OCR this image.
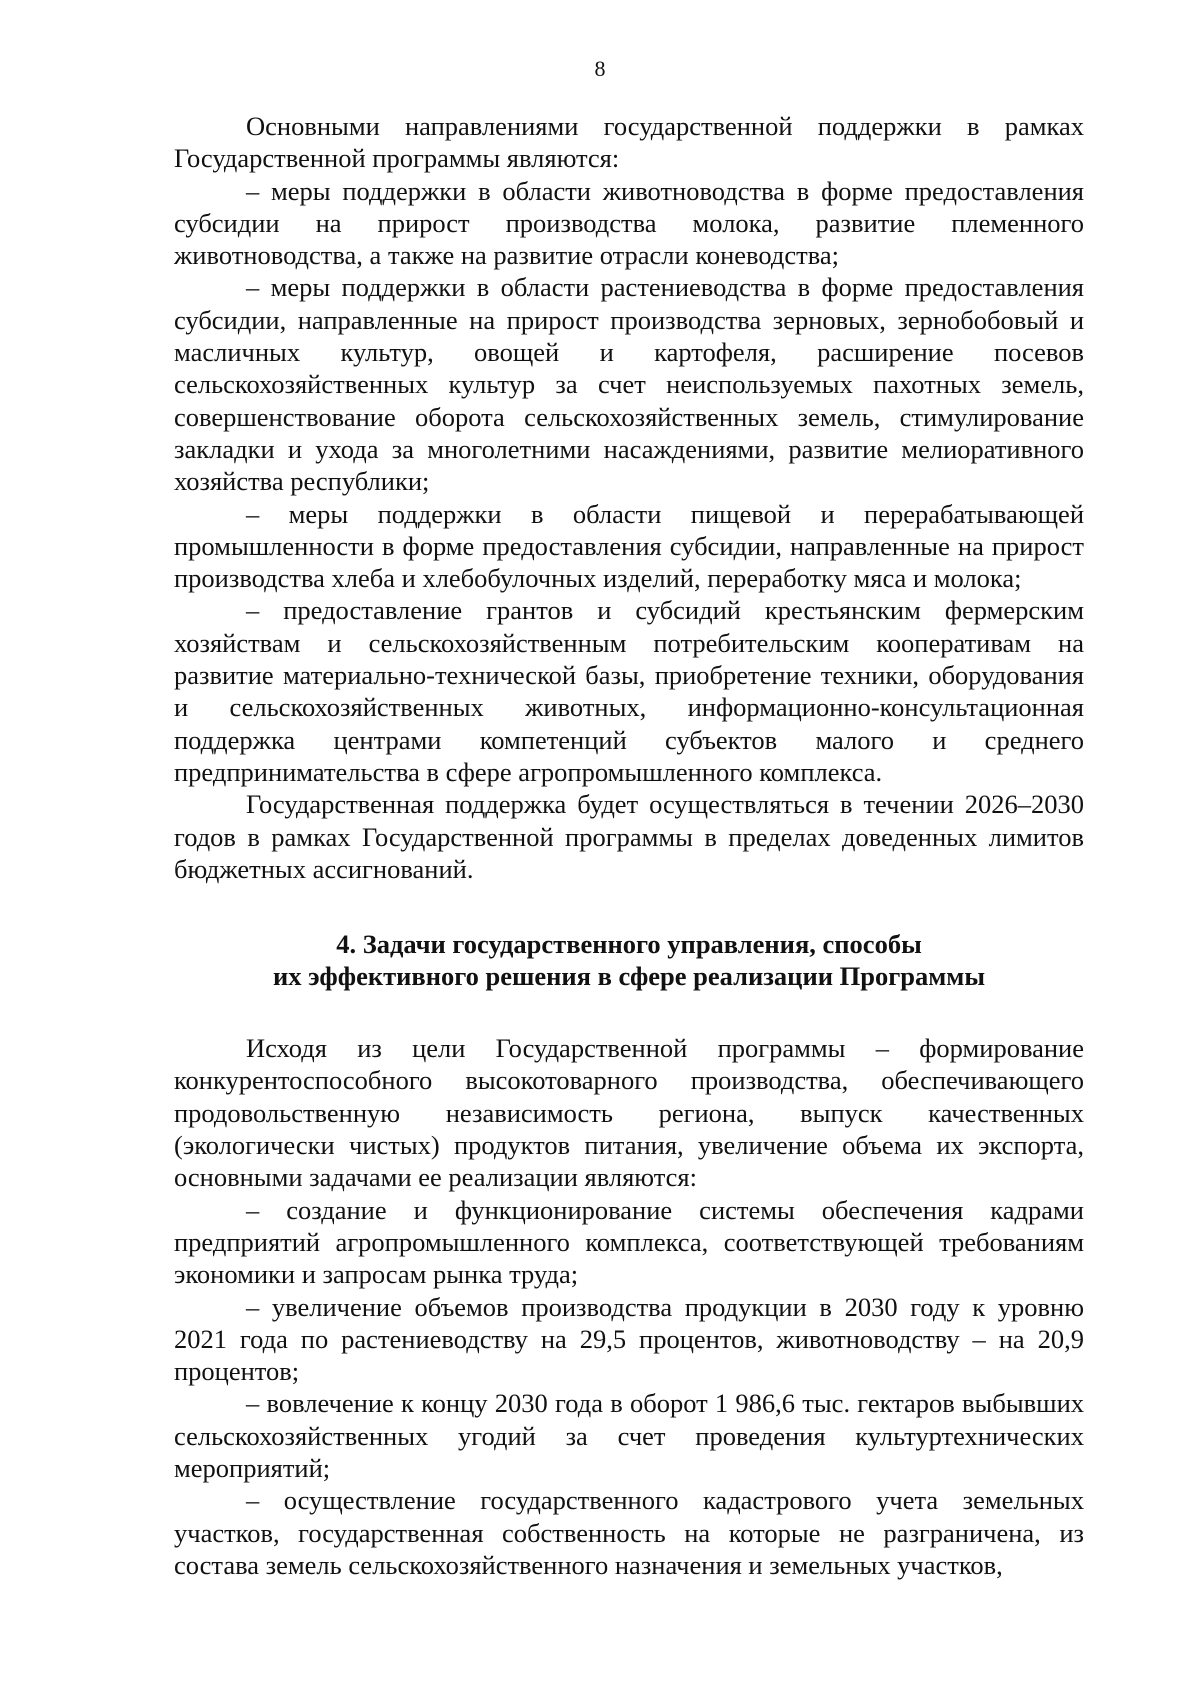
8

Основными направлениями государственной поддержки в рамках Государственной программы являются:

– меры поддержки в области животноводства в форме предоставления субсидии на прирост производства молока, развитие племенного животноводства, а также на развитие отрасли коневодства;

– меры поддержки в области растениеводства в форме предоставления субсидии, направленные на прирост производства зерновых, зернобобовый и масличных культур, овощей и картофеля, расширение посевов сельскохозяйственных культур за счет неиспользуемых пахотных земель, совершенствование оборота сельскохозяйственных земель, стимулирование закладки и ухода за многолетними насаждениями, развитие мелиоративного хозяйства республики;

– меры поддержки в области пищевой и перерабатывающей промышленности в форме предоставления субсидии, направленные на прирост производства хлеба и хлебобулочных изделий, переработку мяса и молока;

– предоставление грантов и субсидий крестьянским фермерским хозяйствам и сельскохозяйственным потребительским кооперативам на развитие материально-технической базы, приобретение техники, оборудования и сельскохозяйственных животных, информационно-консультационная поддержка центрами компетенций субъектов малого и среднего предпринимательства в сфере агропромышленного комплекса.

Государственная поддержка будет осуществляться в течении 2026–2030 годов в рамках Государственной программы в пределах доведенных лимитов бюджетных ассигнований.

4. Задачи государственного управления, способы
их эффективного решения в сфере реализации Программы

Исходя из цели Государственной программы – формирование конкурентоспособного высокотоварного производства, обеспечивающего продовольственную независимость региона, выпуск качественных (экологически чистых) продуктов питания, увеличение объема их экспорта, основными задачами ее реализации являются:

– создание и функционирование системы обеспечения кадрами предприятий агропромышленного комплекса, соответствующей требованиям экономики и запросам рынка труда;

– увеличение объемов производства продукции в 2030 году к уровню 2021 года по растениеводству на 29,5 процентов, животноводству – на 20,9 процентов;

– вовлечение к концу 2030 года в оборот 1 986,6 тыс. гектаров выбывших сельскохозяйственных угодий за счет проведения культуртехнических мероприятий;

– осуществление государственного кадастрового учета земельных участков, государственная собственность на которые не разграничена, из состава земель сельскохозяйственного назначения и земельных участков,
